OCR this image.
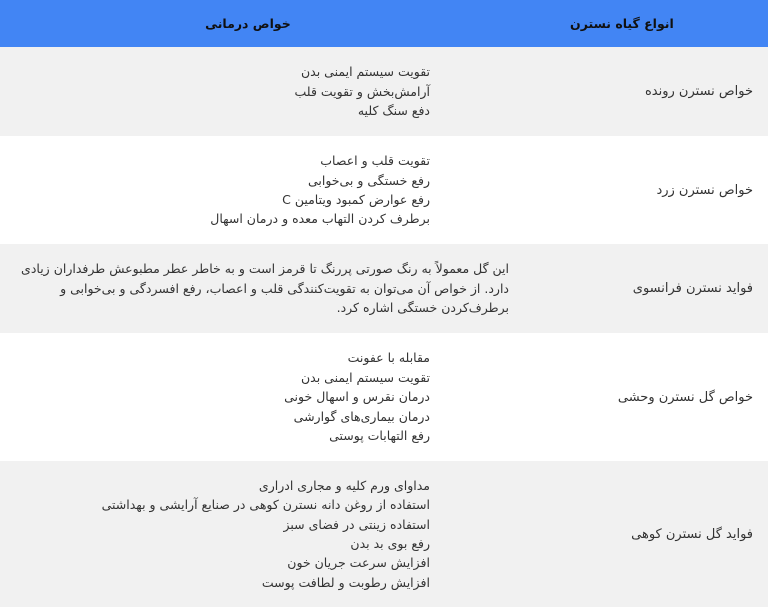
انواع گیاه نسترن
خواص درمانی
خواص نسترن رونده
تقویت سیستم ایمنی بدن
آرامش‌بخش و تقویت قلب
دفع سنگ کلیه
خواص نسترن زرد
تقویت قلب و اعصاب
رفع خستگی و بی‌خوابی
رفع عوارض کمبود ویتامین C
برطرف کردن التهاب معده و درمان اسهال
فواید نسترن فرانسوی
این گل معمولاً به رنگ صورتی پررنگ تا قرمز است و به خاطر عطر مطبوعش طرفداران زیادی دارد. از خواص آن می‌توان به تقویت‌کنندگی قلب و اعصاب، رفع افسردگی و بی‌خوابی و برطرف‌کردن خستگی اشاره کرد.
خواص گل نسترن وحشی
مقابله با عفونت
تقویت سیستم ایمنی بدن
درمان نقرس و اسهال خونی
درمان بیماری‌های گوارشی
رفع التهابات پوستی
فواید گل نسترن کوهی
مداوای ورم کلیه و مجاری ادراری
استفاده از روغن دانه نسترن کوهی در صنایع آرایشی و بهداشتی
استفاده زینتی در فضای سبز
رفع بوی بد بدن
افزایش سرعت جریان خون
افزایش رطوبت و لطافت پوست
